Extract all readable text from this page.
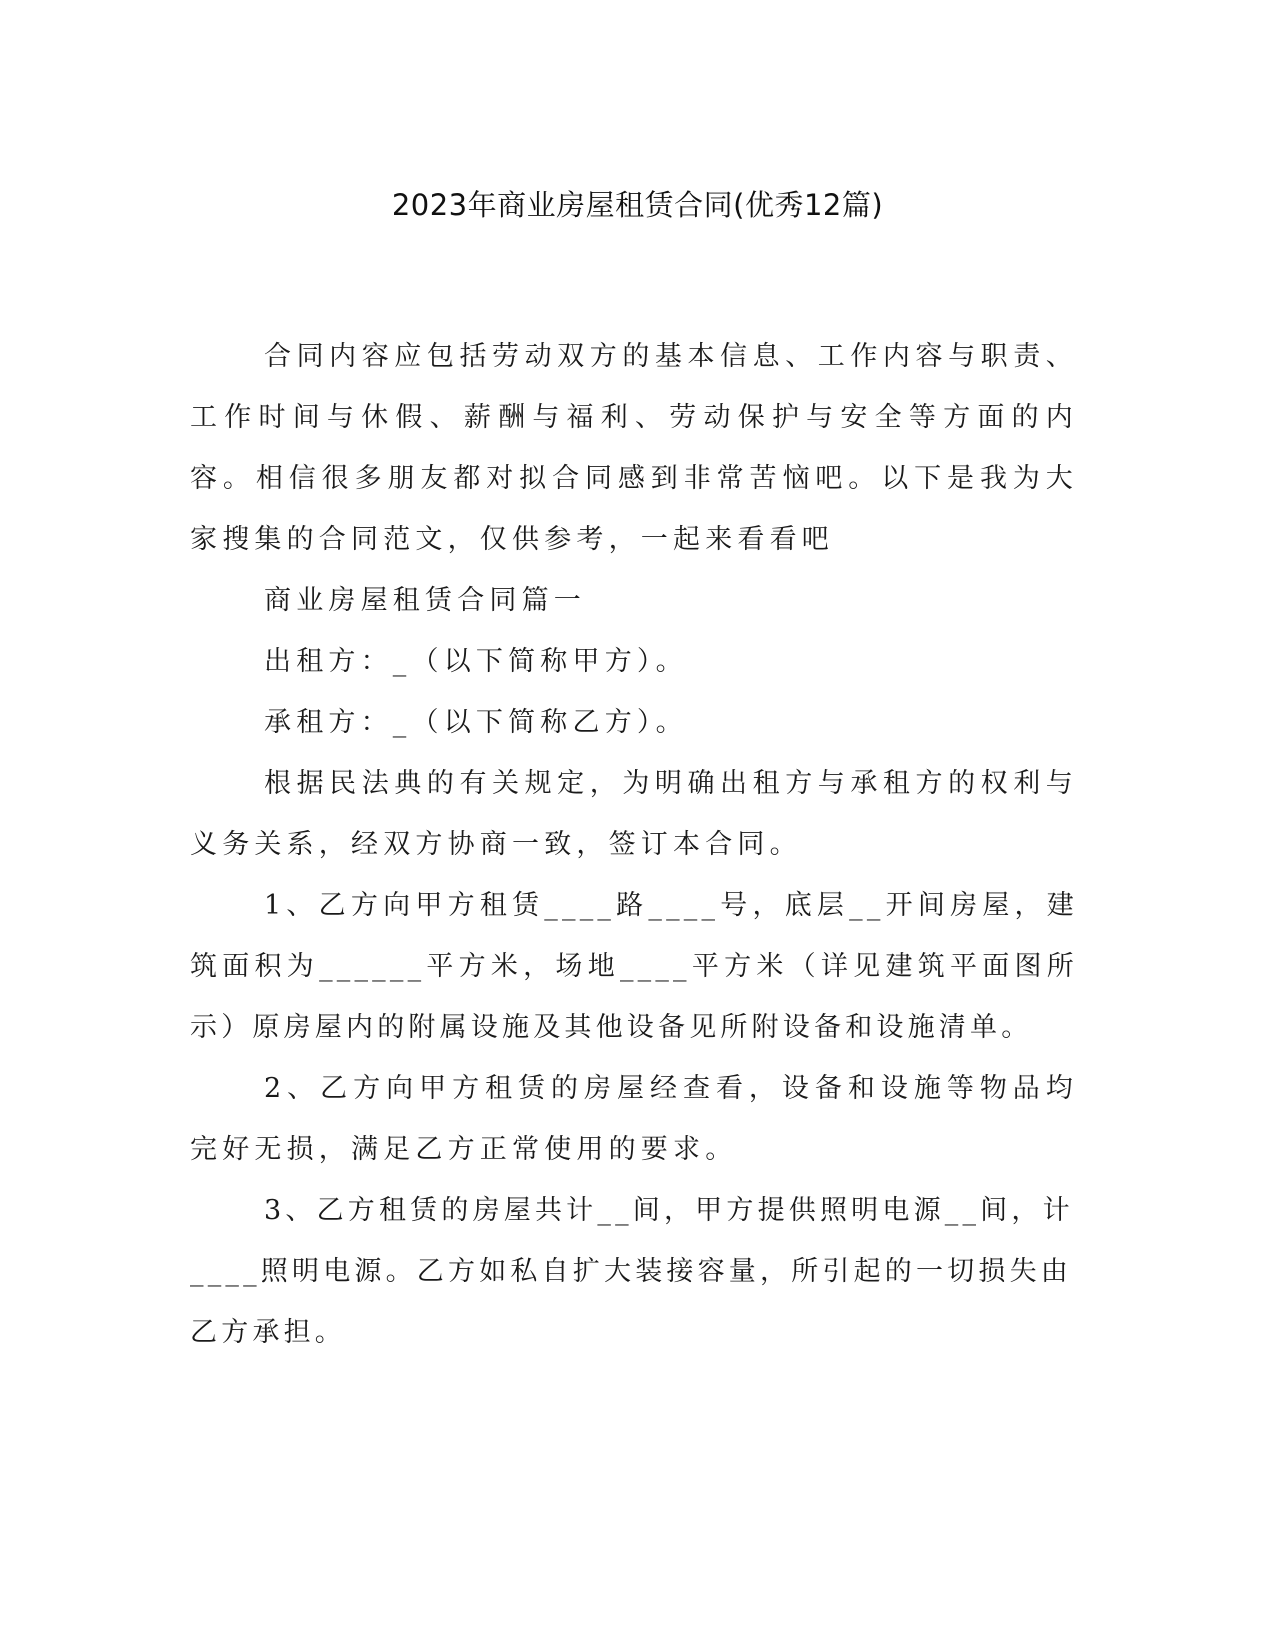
2023年商业房屋租赁合同(优秀12篇)

合同内容应包括劳动双方的基本信息、工作内容与职责、工作时间与休假、薪酬与福利、劳动保护与安全等方面的内容。相信很多朋友都对拟合同感到非常苦恼吧。以下是我为大家搜集的合同范文，仅供参考，一起来看看吧

商业房屋租赁合同篇一

出租方：_（以下简称甲方）。

承租方：_（以下简称乙方）。

根据民法典的有关规定，为明确出租方与承租方的权利与义务关系，经双方协商一致，签订本合同。

1、乙方向甲方租赁____路____号，底层__开间房屋，建筑面积为______平方米，场地____平方米（详见建筑平面图所示）原房屋内的附属设施及其他设备见所附设备和设施清单。

2、乙方向甲方租赁的房屋经查看，设备和设施等物品均完好无损，满足乙方正常使用的要求。

3、乙方租赁的房屋共计__间，甲方提供照明电源__间，计____照明电源。乙方如私自扩大装接容量，所引起的一切损失由乙方承担。
